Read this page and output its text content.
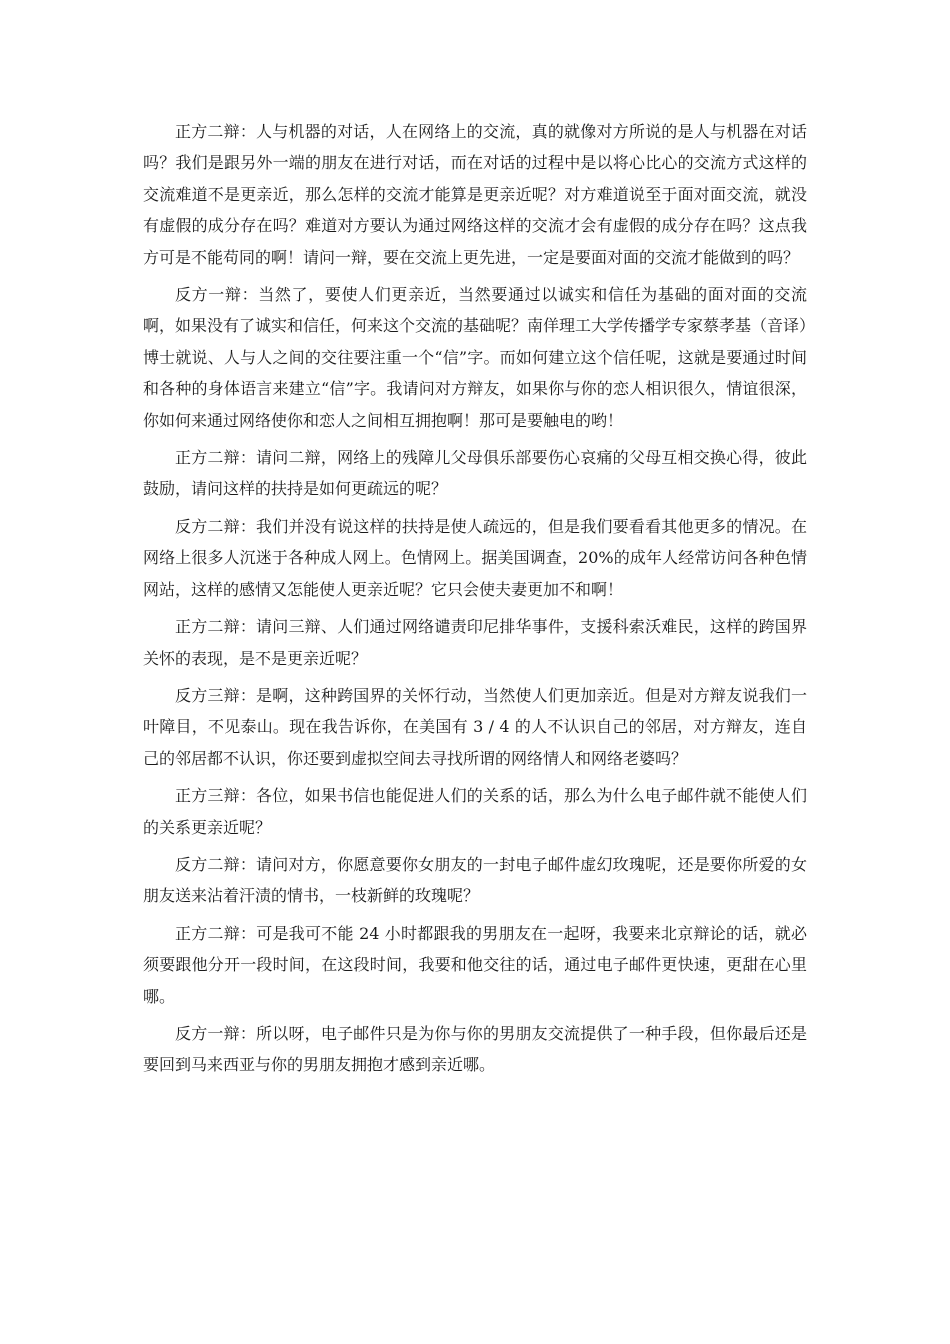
正方二辩：人与机器的对话，人在网络上的交流，真的就像对方所说的是人与机器在对话吗？我们是跟另外一端的朋友在进行对话，而在对话的过程中是以将心比心的交流方式这样的交流难道不是更亲近，那么怎样的交流才能算是更亲近呢？对方难道说至于面对面交流，就没有虚假的成分存在吗？难道对方要认为通过网络这样的交流才会有虚假的成分存在吗？这点我方可是不能苟同的啊！请问一辩，要在交流上更先进，一定是要面对面的交流才能做到的吗？

反方一辩：当然了，要使人们更亲近，当然要通过以诚实和信任为基础的面对面的交流啊，如果没有了诚实和信任，何来这个交流的基础呢？南佯理工大学传播学专家蔡孝基（音译）博士就说、人与人之间的交往要注重一个“信”字。而如何建立这个信任呢，这就是要通过时间和各种的身体语言来建立“信”字。我请问对方辩友，如果你与你的恋人相识很久，情谊很深，你如何来通过网络使你和恋人之间相互拥抱啊！那可是要触电的哟！

正方二辩：请问二辩，网络上的残障儿父母俱乐部要伤心哀痛的父母互相交换心得，彼此鼓励，请问这样的扶持是如何更疏远的呢？

反方二辩：我们并没有说这样的扶持是使人疏远的，但是我们要看看其他更多的情况。在网络上很多人沉迷于各种成人网上。色情网上。据美国调查，20%的成年人经常访问各种色情网站，这样的感情又怎能使人更亲近呢？它只会使夫妻更加不和啊！

正方二辩：请问三辩、人们通过网络谴责印尼排华事件，支援科索沃难民，这样的跨国界关怀的表现，是不是更亲近呢？

反方三辩：是啊，这种跨国界的关怀行动，当然使人们更加亲近。但是对方辩友说我们一叶障目，不见泰山。现在我告诉你，在美国有 3 / 4 的人不认识自己的邻居，对方辩友，连自己的邻居都不认识，你还要到虚拟空间去寻找所谓的网络情人和网络老婆吗？

正方三辩：各位，如果书信也能促进人们的关系的话，那么为什么电子邮件就不能使人们的关系更亲近呢？

反方二辩：请问对方，你愿意要你女朋友的一封电子邮件虚幻玫瑰呢，还是要你所爱的女朋友送来沾着汗渍的情书，一枝新鲜的玫瑰呢？

正方二辩：可是我可不能 24 小时都跟我的男朋友在一起呀，我要来北京辩论的话，就必须要跟他分开一段时间，在这段时间，我要和他交往的话，通过电子邮件更快速，更甜在心里哪。

反方一辩：所以呀，电子邮件只是为你与你的男朋友交流提供了一种手段，但你最后还是要回到马来西亚与你的男朋友拥抱才感到亲近哪。
